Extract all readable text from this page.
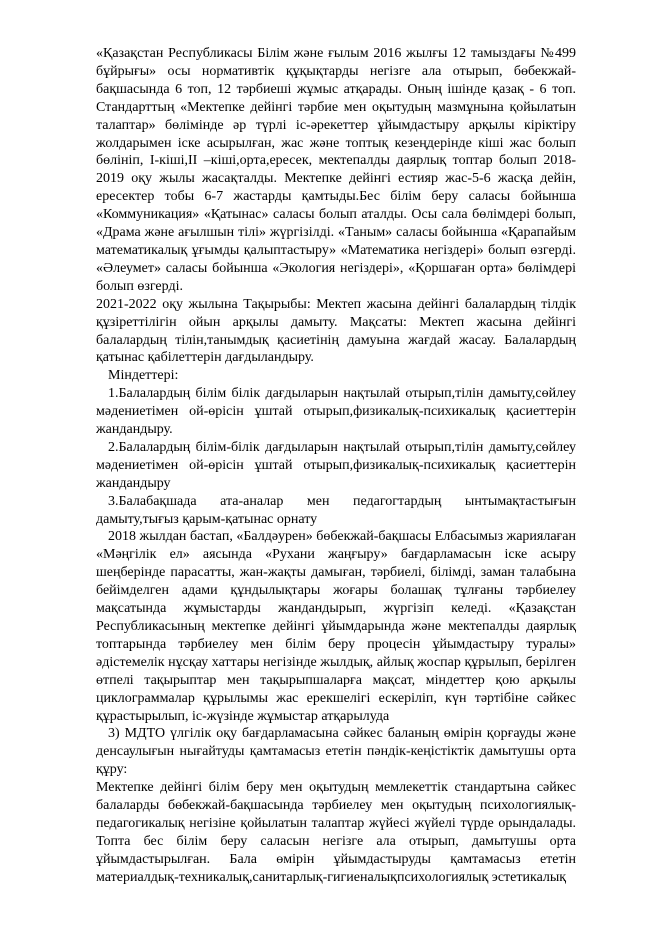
«Қазақстан Республикасы Білім және ғылым 2016 жылғы 12 тамыздағы №499 бұйрығы» осы нормативтік құқықтарды негізге ала отырып, бөбекжай-бақшасында 6 топ, 12 тәрбиеші жұмыс атқарады. Оның ішінде қазақ - 6 топ. Стандарттың «Мектепке дейінгі тәрбие мен оқытудың мазмұнына қойылатын талаптар» бөлімінде әр түрлі іс-әрекеттер ұйымдастыру арқылы кіріктіру жолдарымен іске асырылған, жас және топтық кезеңдерінде кіші жас болып бөлініп, І-кіші,ІІ –кіші,орта,ересек, мектепалды даярлық топтар болып 2018-2019 оқу жылы жасақталды. Мектепке дейінгі естияр жас-5-6 жасқа дейін, ересектер тобы 6-7 жастарды қамтыды.Бес білім беру саласы бойынша «Коммуникация» «Қатынас» саласы болып аталды. Осы сала бөлімдері болып, «Драма және ағылшын тілі» жүргізілді. «Таным» саласы бойынша «Қарапайым математикалық ұғымды қалыптастыру» «Математика негіздері» болып өзгерді. «Әлеумет» саласы бойынша «Экология негіздері», «Қоршаған орта» бөлімдері болып өзгерді.

2021-2022 оқу жылына Тақырыбы: Мектеп жасына дейінгі балалардың тілдік құзіреттілігін ойын арқылы дамыту. Мақсаты: Мектеп жасына дейінгі балалардың тілін,танымдық қасиетінің дамуына жағдай жасау. Балалардың қатынас қабілеттерін дағдыландыру.

Міндеттері:

1.Балалардың білім білік дағдыларын нақтылай отырып,тілін дамыту,сөйлеу мәдениетімен ой-өрісін ұштай отырып,физикалық-психикалық қасиеттерін жандандыру.

2.Балалардың білім-білік дағдыларын нақтылай отырып,тілін дамыту,сөйлеу мәдениетімен ой-өрісін ұштай отырып,физикалық-психикалық қасиеттерін жандандыру

3.Балабақшада ата-аналар мен педагогтардың ынтымақтастығын дамыту,тығыз қарым-қатынас орнату

2018 жылдан бастап, «Балдәурен» бөбекжай-бақшасы Елбасымыз жариялаған «Мәңгілік ел» аясында «Рухани жаңғыру» бағдарламасын іске асыру шеңберінде парасатты, жан-жақты дамыған, тәрбиелі, білімді, заман талабына бейімделген адами құндылықтары жоғары болашақ тұлғаны тәрбиелеу мақсатында жұмыстарды жандандырып, жүргізіп келеді. «Қазақстан Республикасының мектепке дейінгі ұйымдарында және мектепалды даярлық топтарында тәрбиелеу мен білім беру процесін ұйымдастыру туралы» әдістемелік нұсқау хаттары негізінде жылдық, айлық жоспар құрылып, берілген өтпелі тақырыптар мен тақырыпшаларға мақсат, міндеттер қою арқылы циклограммалар құрылымы жас ерекшелігі ескеріліп, күн тәртібіне сәйкес құрастырылып, іс-жүзінде жұмыстар атқарылуда

3) МДТО үлгілік оқу бағдарламасына сәйкес баланың өмірін қорғауды және денсаулығын нығайтуды қамтамасыз ететін пәндік-кеңістіктік дамытушы орта құру:

Мектепке дейінгі білім беру мен оқытудың мемлекеттік стандартына сәйкес балаларды бөбекжай-бақшасында тәрбиелеу мен оқытудың психологиялық-педагогикалық негізіне қойылатын талаптар жүйесі жүйелі түрде орындалады. Топта бес білім беру саласын негізге ала отырып, дамытушы орта ұйымдастырылған. Бала өмірін ұйымдастыруды қамтамасыз ететін материалдық-техникалық,санитарлық-гигиеналықпсихологиялық эстетикалық
